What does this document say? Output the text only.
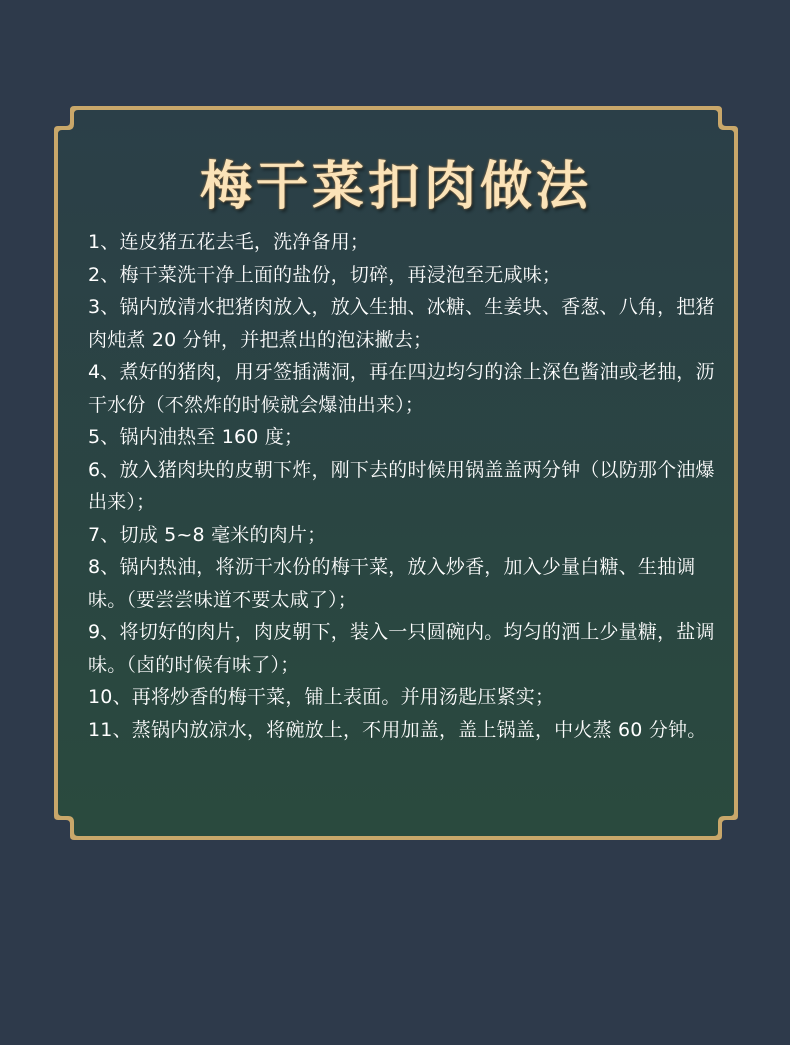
梅干菜扣肉做法
1、连皮猪五花去毛，洗净备用；
2、梅干菜洗干净上面的盐份，切碎，再浸泡至无咸味；
3、锅内放清水把猪肉放入，放入生抽、冰糖、生姜块、香葱、八角，把猪肉炖煮 20 分钟，并把煮出的泡沫撇去；
4、煮好的猪肉，用牙签插满洞，再在四边均匀的涂上深色酱油或老抽，沥干水份（不然炸的时候就会爆油出来）；
5、锅内油热至 160 度；
6、放入猪肉块的皮朝下炸，刚下去的时候用锅盖盖两分钟（以防那个油爆出来）；
7、切成 5~8 毫米的肉片；
8、锅内热油，将沥干水份的梅干菜，放入炒香，加入少量白糖、生抽调味。（要尝尝味道不要太咸了）；
9、将切好的肉片，肉皮朝下，装入一只圆碗内。均匀的洒上少量糖，盐调味。（卤的时候有味了）；
10、再将炒香的梅干菜，铺上表面。并用汤匙压紧实；
11、蒸锅内放凉水，将碗放上，不用加盖，盖上锅盖，中火蒸 60 分钟。
